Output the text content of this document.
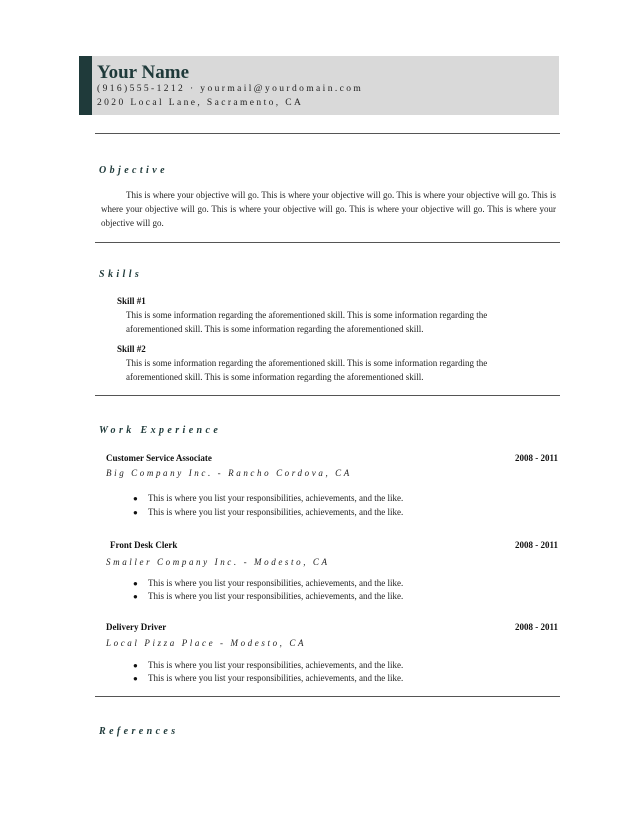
Your Name
(916)555-1212 · yourmail@yourdomain.com
2020 Local Lane, Sacramento, CA
Objective
This is where your objective will go. This is where your objective will go. This is where your objective will go. This is where your objective will go. This is where your objective will go. This is where your objective will go. This is where your objective will go.
Skills
Skill #1
This is some information regarding the aforementioned skill. This is some information regarding the aforementioned skill. This is some information regarding the aforementioned skill.
Skill #2
This is some information regarding the aforementioned skill. This is some information regarding the aforementioned skill. This is some information regarding the aforementioned skill.
Work Experience
Customer Service Associate	2008 - 2011
Big Company Inc. - Rancho Cordova, CA
● This is where you list your responsibilities, achievements, and the like.
● This is where you list your responsibilities, achievements, and the like.
Front Desk Clerk	2008 - 2011
Smaller Company Inc. - Modesto, CA
● This is where you list your responsibilities, achievements, and the like.
● This is where you list your responsibilities, achievements, and the like.
Delivery Driver	2008 - 2011
Local Pizza Place - Modesto, CA
● This is where you list your responsibilities, achievements, and the like.
● This is where you list your responsibilities, achievements, and the like.
References
